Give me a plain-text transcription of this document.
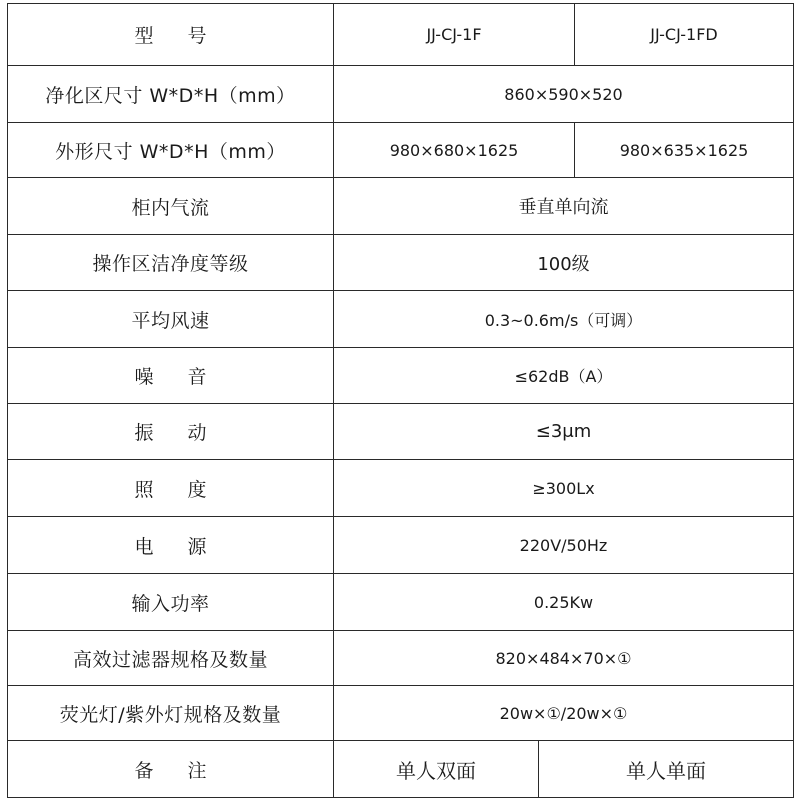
型号	JJ-CJ-1F		JJ-CJ-1FD
净化区尺寸 W*D*H（mm）	860×590×520		
外形尺寸 W*D*H（mm）	980×680×1625		980×635×1625
柜内气流	垂直单向流		
操作区洁净度等级	100级		
平均风速	0.3~0.6m/s（可调）		
噪音	≤62dB（A）		
振动	≤3μm		
照度	≥300Lx		
电源	220V/50Hz		
输入功率	0.25Kw		
高效过滤器规格及数量	820×484×70×①		
荧光灯/紫外灯规格及数量	20w×①/20w×①		
备注	单人双面	单人单面	
